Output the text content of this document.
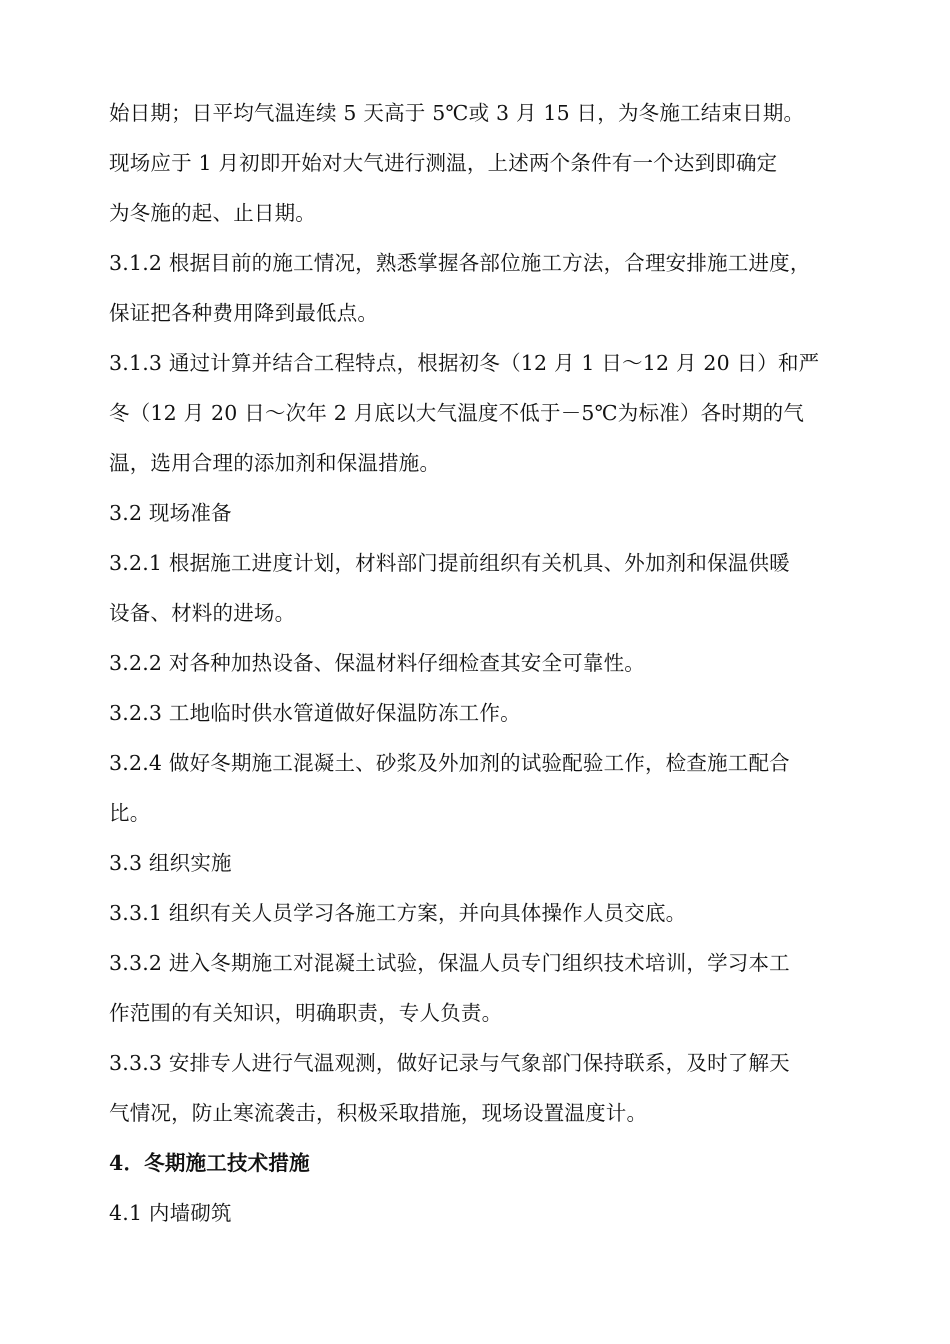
始日期；日平均气温连续 5 天高于 5℃或 3 月 15 日，为冬施工结束日期。
现场应于 1 月初即开始对大气进行测温，上述两个条件有一个达到即确定
为冬施的起、止日期。
3.1.2 根据目前的施工情况，熟悉掌握各部位施工方法，合理安排施工进度，
保证把各种费用降到最低点。
3.1.3 通过计算并结合工程特点，根据初冬（12 月 1 日～12 月 20 日）和严
冬（12 月 20 日～次年 2 月底以大气温度不低于－5℃为标准）各时期的气
温，选用合理的添加剂和保温措施。
3.2 现场准备
3.2.1 根据施工进度计划，材料部门提前组织有关机具、外加剂和保温供暖
设备、材料的进场。
3.2.2 对各种加热设备、保温材料仔细检查其安全可靠性。
3.2.3 工地临时供水管道做好保温防冻工作。
3.2.4 做好冬期施工混凝土、砂浆及外加剂的试验配验工作，检查施工配合
比。
3.3 组织实施
3.3.1 组织有关人员学习各施工方案，并向具体操作人员交底。
3.3.2 进入冬期施工对混凝土试验，保温人员专门组织技术培训，学习本工
作范围的有关知识，明确职责，专人负责。
3.3.3 安排专人进行气温观测，做好记录与气象部门保持联系，及时了解天
气情况，防止寒流袭击，积极采取措施，现场设置温度计。
4．冬期施工技术措施
4.1 内墙砌筑
